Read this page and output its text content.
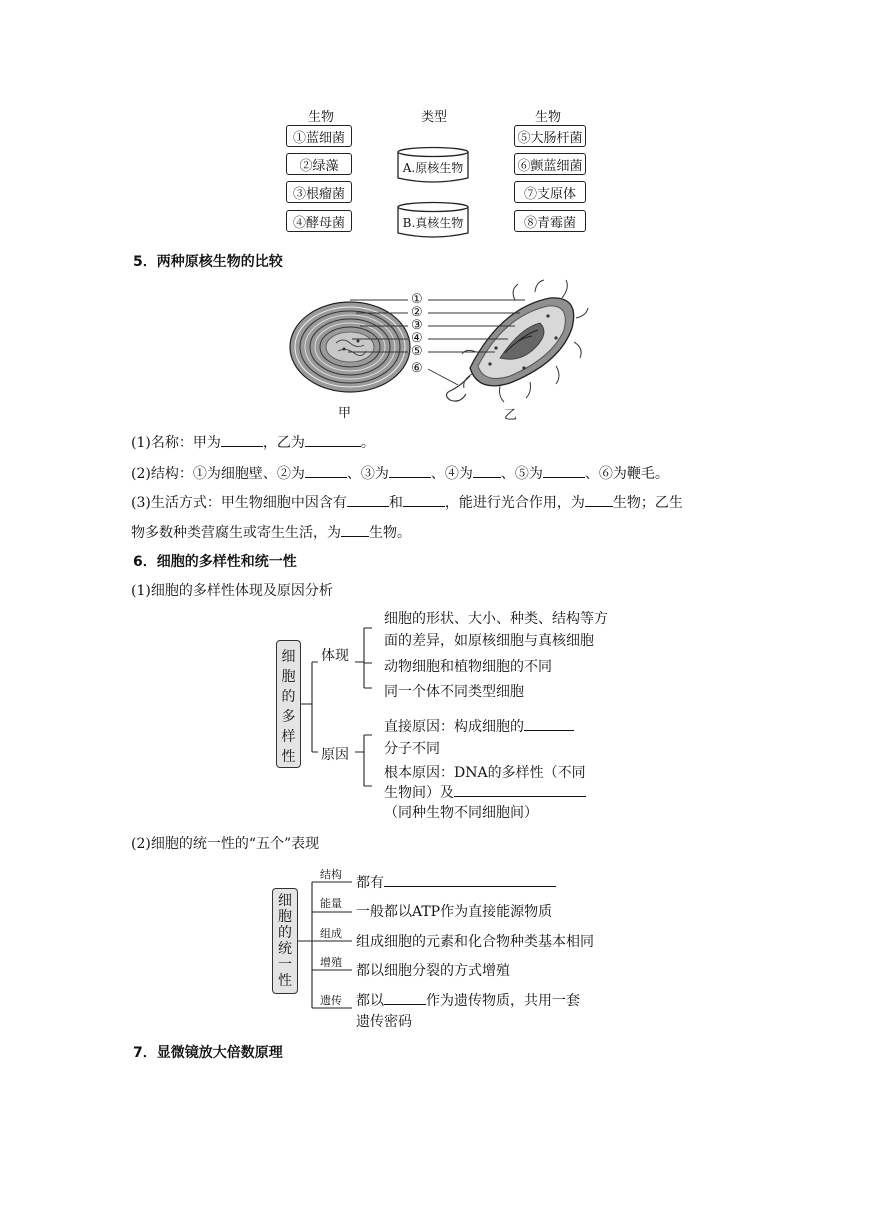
生物	类型	生物
①蓝细菌
②绿藻
③根瘤菌
④酵母菌
⑤大肠杆菌
⑥颤蓝细菌
⑦支原体
⑧青霉菌
A.原核生物
B.真核生物
5．两种原核生物的比较
①
②
③
④
⑤
⑥
甲	乙
(1)名称：甲为	，乙为	。
(2)结构：①为细胞壁、②为	、③为	、④为 、⑤为	、⑥为鞭毛。
(3)生活方式：甲生物细胞中因含有	和	，能进行光合作用，为 生物；乙生
物多数种类营腐生或寄生生活，为 生物。
6．细胞的多样性和统一性
(1)细胞的多样性体现及原因分析
细
胞
的
多
样
性
体现
原因
细胞的形状、大小、种类、结构等方
面的差异，如原核细胞与真核细胞
动物细胞和植物细胞的不同
同一个体不同类型细胞
直接原因：构成细胞的
分子不同
根本原因：DNA的多样性（不同
生物间）及
（同种生物不同细胞间）
(2)细胞的统一性的“五个”表现
细
胞
的
统
一
性
结构
能量
组成
增殖
遗传
都有
一般都以ATP作为直接能源物质
组成细胞的元素和化合物种类基本相同
都以细胞分裂的方式增殖
都以	作为遗传物质，共用一套
遗传密码
7．显微镜放大倍数原理
